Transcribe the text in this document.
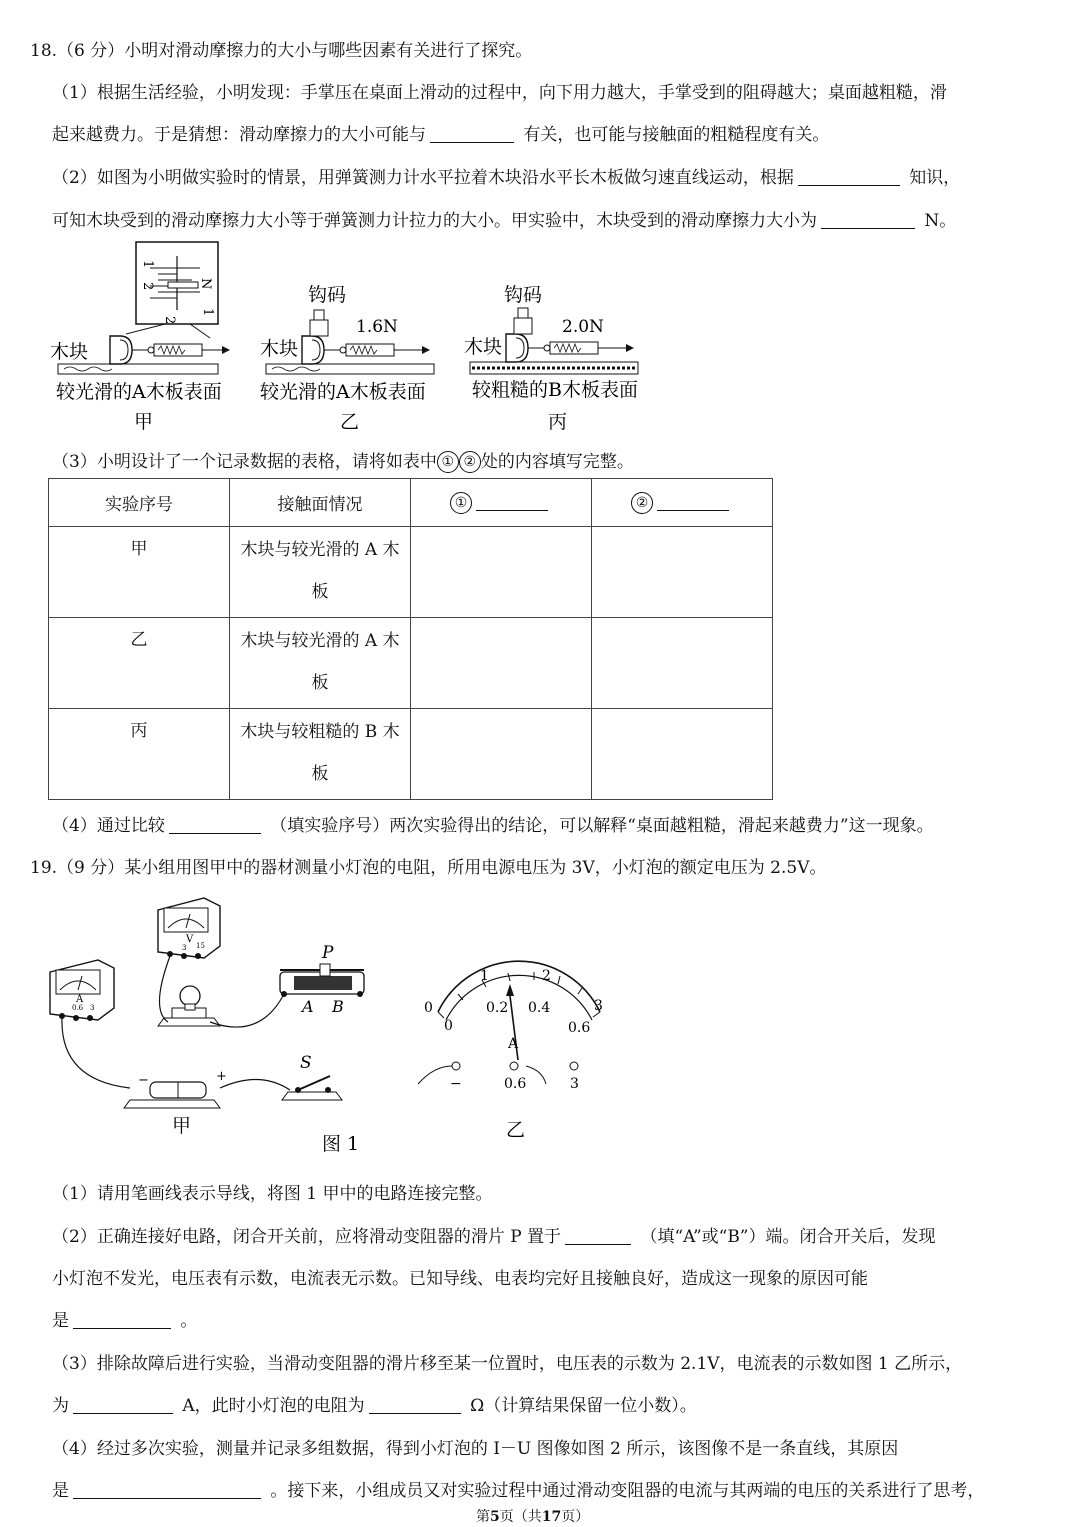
18.（6 分）小明对滑动摩擦力的大小与哪些因素有关进行了探究。
（1）根据生活经验，小明发现：手掌压在桌面上滑动的过程中，向下用力越大，手掌受到的阻碍越大；桌面越粗糙，滑
起来越费力。于是猜想：滑动摩擦力的大小可能与	有关，也可能与接触面的粗糙程度有关。
（2）如图为小明做实验时的情景，用弹簧测力计水平拉着木块沿水平长木板做匀速直线运动，根据	知识，
可知木块受到的滑动摩擦力大小等于弹簧测力计拉力的大小。甲实验中，木块受到的滑动摩擦力大小为	N。
1
2	N
1
2
木块
较光滑的A木板表面
甲
钩码
1.6N
木块
较光滑的A木板表面
乙
钩码
2.0N
木块
较粗糙的B木板表面
丙
（3）小明设计了一个记录数据的表格，请将如表中 ① ② 处的内容填写完整。
实验序号	接触面情况	①	②

甲	木块与较光滑的 A 木
板		

乙	木块与较光滑的 A 木
板		

丙	木块与较粗糙的 B 木
板		

（4）通过比较	（填实验序号）两次实验得出的结论，可以解释“桌面越粗糙，滑起来越费力”这一现象。
19.（9 分）某小组用图甲中的器材测量小灯泡的电阻，所用电源电压为 3V，小灯泡的额定电压为 2.5V。
V
3 15
A
0.6 3
P
A B
−	+
S
甲
图 1
0
1	2
3
0
0.2 0.4
0.6
A
−	0.6	3
乙
（1）请用笔画线表示导线，将图 1 甲中的电路连接完整。
（2）正确连接好电路，闭合开关前，应将滑动变阻器的滑片 P 置于	（填“A”或“B”）端。闭合开关后，发现
小灯泡不发光，电压表有示数，电流表无示数。已知导线、电表均完好且接触良好，造成这一现象的原因可能
是	。
（3）排除故障后进行实验，当滑动变阻器的滑片移至某一位置时，电压表的示数为 2.1V，电流表的示数如图 1 乙所示，
为	A，此时小灯泡的电阻为	Ω（计算结果保留一位小数）。
（4）经过多次实验，测量并记录多组数据，得到小灯泡的 I－U 图像如图 2 所示，该图像不是一条直线，其原因
是	。接下来，小组成员又对实验过程中通过滑动变阻器的电流与其两端的电压的关系进行了思考，
第5页（共17页）
